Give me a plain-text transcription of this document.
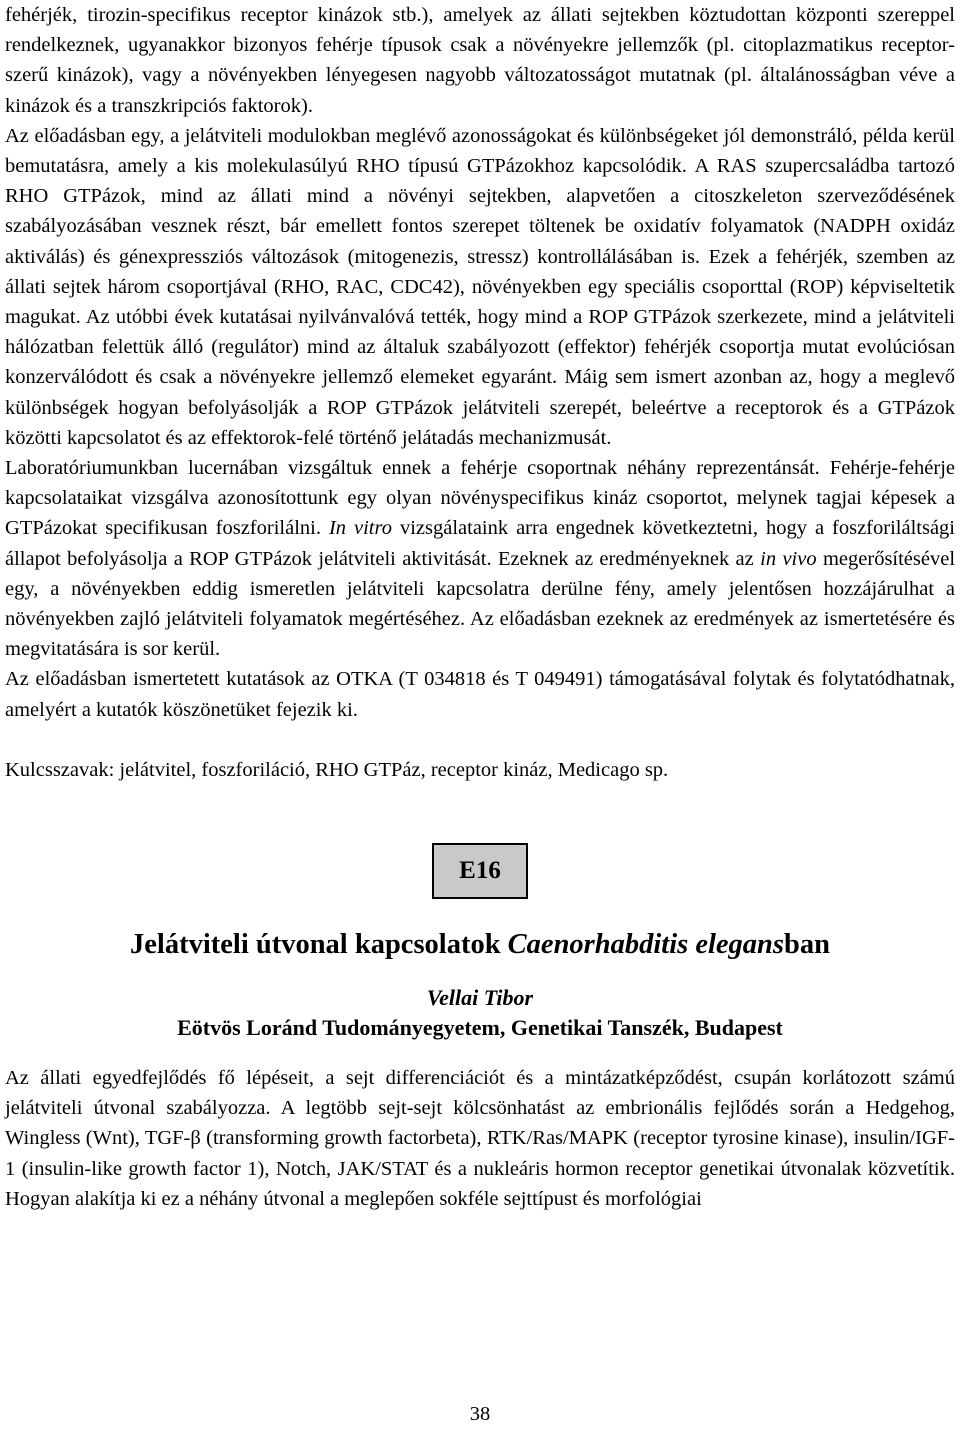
fehérjék, tirozin-specifikus receptor kinázok stb.), amelyek az állati sejtekben köztudottan központi szereppel rendelkeznek, ugyanakkor bizonyos fehérje típusok csak a növényekre jellemzők (pl. citoplazmatikus receptor-szerű kinázok), vagy a növényekben lényegesen nagyobb változatosságot mutatnak (pl. általánosságban véve a kinázok és a transzkripciós faktorok).

Az előadásban egy, a jelátviteli modulokban meglévő azonosságokat és különbségeket jól demonstráló, példa kerül bemutatásra, amely a kis molekulasúlyú RHO típusú GTPázokhoz kapcsolódik. A RAS szupercsaládba tartozó RHO GTPázok, mind az állati mind a növényi sejtekben, alapvetően a citoszkeleton szerveződésének szabályozásában vesznek részt, bár emellett fontos szerepet töltenek be oxidatív folyamatok (NADPH oxidáz aktiválás) és génexpressziós változások (mitogenezis, stressz) kontrollálásában is. Ezek a fehérjék, szemben az állati sejtek három csoportjával (RHO, RAC, CDC42), növényekben egy speciális csoporttal (ROP) képviseltetik magukat. Az utóbbi évek kutatásai nyilvánvalóvá tették, hogy mind a ROP GTPázok szerkezete, mind a jelátviteli hálózatban felettük álló (regulátor) mind az általuk szabályozott (effektor) fehérjék csoportja mutat evolúciósan konzerválódott és csak a növényekre jellemző elemeket egyaránt. Máig sem ismert azonban az, hogy a meglevő különbségek hogyan befolyásolják a ROP GTPázok jelátviteli szerepét, beleértve a receptorok és a GTPázok közötti kapcsolatot és az effektorok-felé történő jelátadás mechanizmusát.

Laboratóriumunkban lucernában vizsgáltuk ennek a fehérje csoportnak néhány reprezentánsát. Fehérje-fehérje kapcsolataikat vizsgálva azonosítottunk egy olyan növényspecifikus kináz csoportot, melynek tagjai képesek a GTPázokat specifikusan foszforilálni. In vitro vizsgálataink arra engednek következtetni, hogy a foszforiláltsági állapot befolyásolja a ROP GTPázok jelátviteli aktivitását. Ezeknek az eredményeknek az in vivo megerősítésével egy, a növényekben eddig ismeretlen jelátviteli kapcsolatra derülne fény, amely jelentősen hozzájárulhat a növényekben zajló jelátviteli folyamatok megértéséhez. Az előadásban ezeknek az eredmények az ismertetésére és megvitatására is sor kerül.

Az előadásban ismertetett kutatások az OTKA (T 034818 és T 049491) támogatásával folytak és folytatódhatnak, amelyért a kutatók köszönetüket fejezik ki.

Kulcsszavak: jelátvitel, foszforiláció, RHO GTPáz, receptor kináz, Medicago sp.

E16
Jelátviteli útvonal kapcsolatok Caenorhabditis elegansban

Vellai Tibor

Eötvös Loránd Tudományegyetem, Genetikai Tanszék, Budapest

Az állati egyedfejlődés fő lépéseit, a sejt differenciációt és a mintázatképződést, csupán korlátozott számú jelátviteli útvonal szabályozza. A legtöbb sejt-sejt kölcsönhatást az embrionális fejlődés során a Hedgehog, Wingless (Wnt), TGF-β (transforming growth factorbeta), RTK/Ras/MAPK (receptor tyrosine kinase), insulin/IGF-1 (insulin-like growth factor 1), Notch, JAK/STAT és a nukleáris hormon receptor genetikai útvonalak közvetítik. Hogyan alakítja ki ez a néhány útvonal a meglepően sokféle sejttípust és morfológiai

38
